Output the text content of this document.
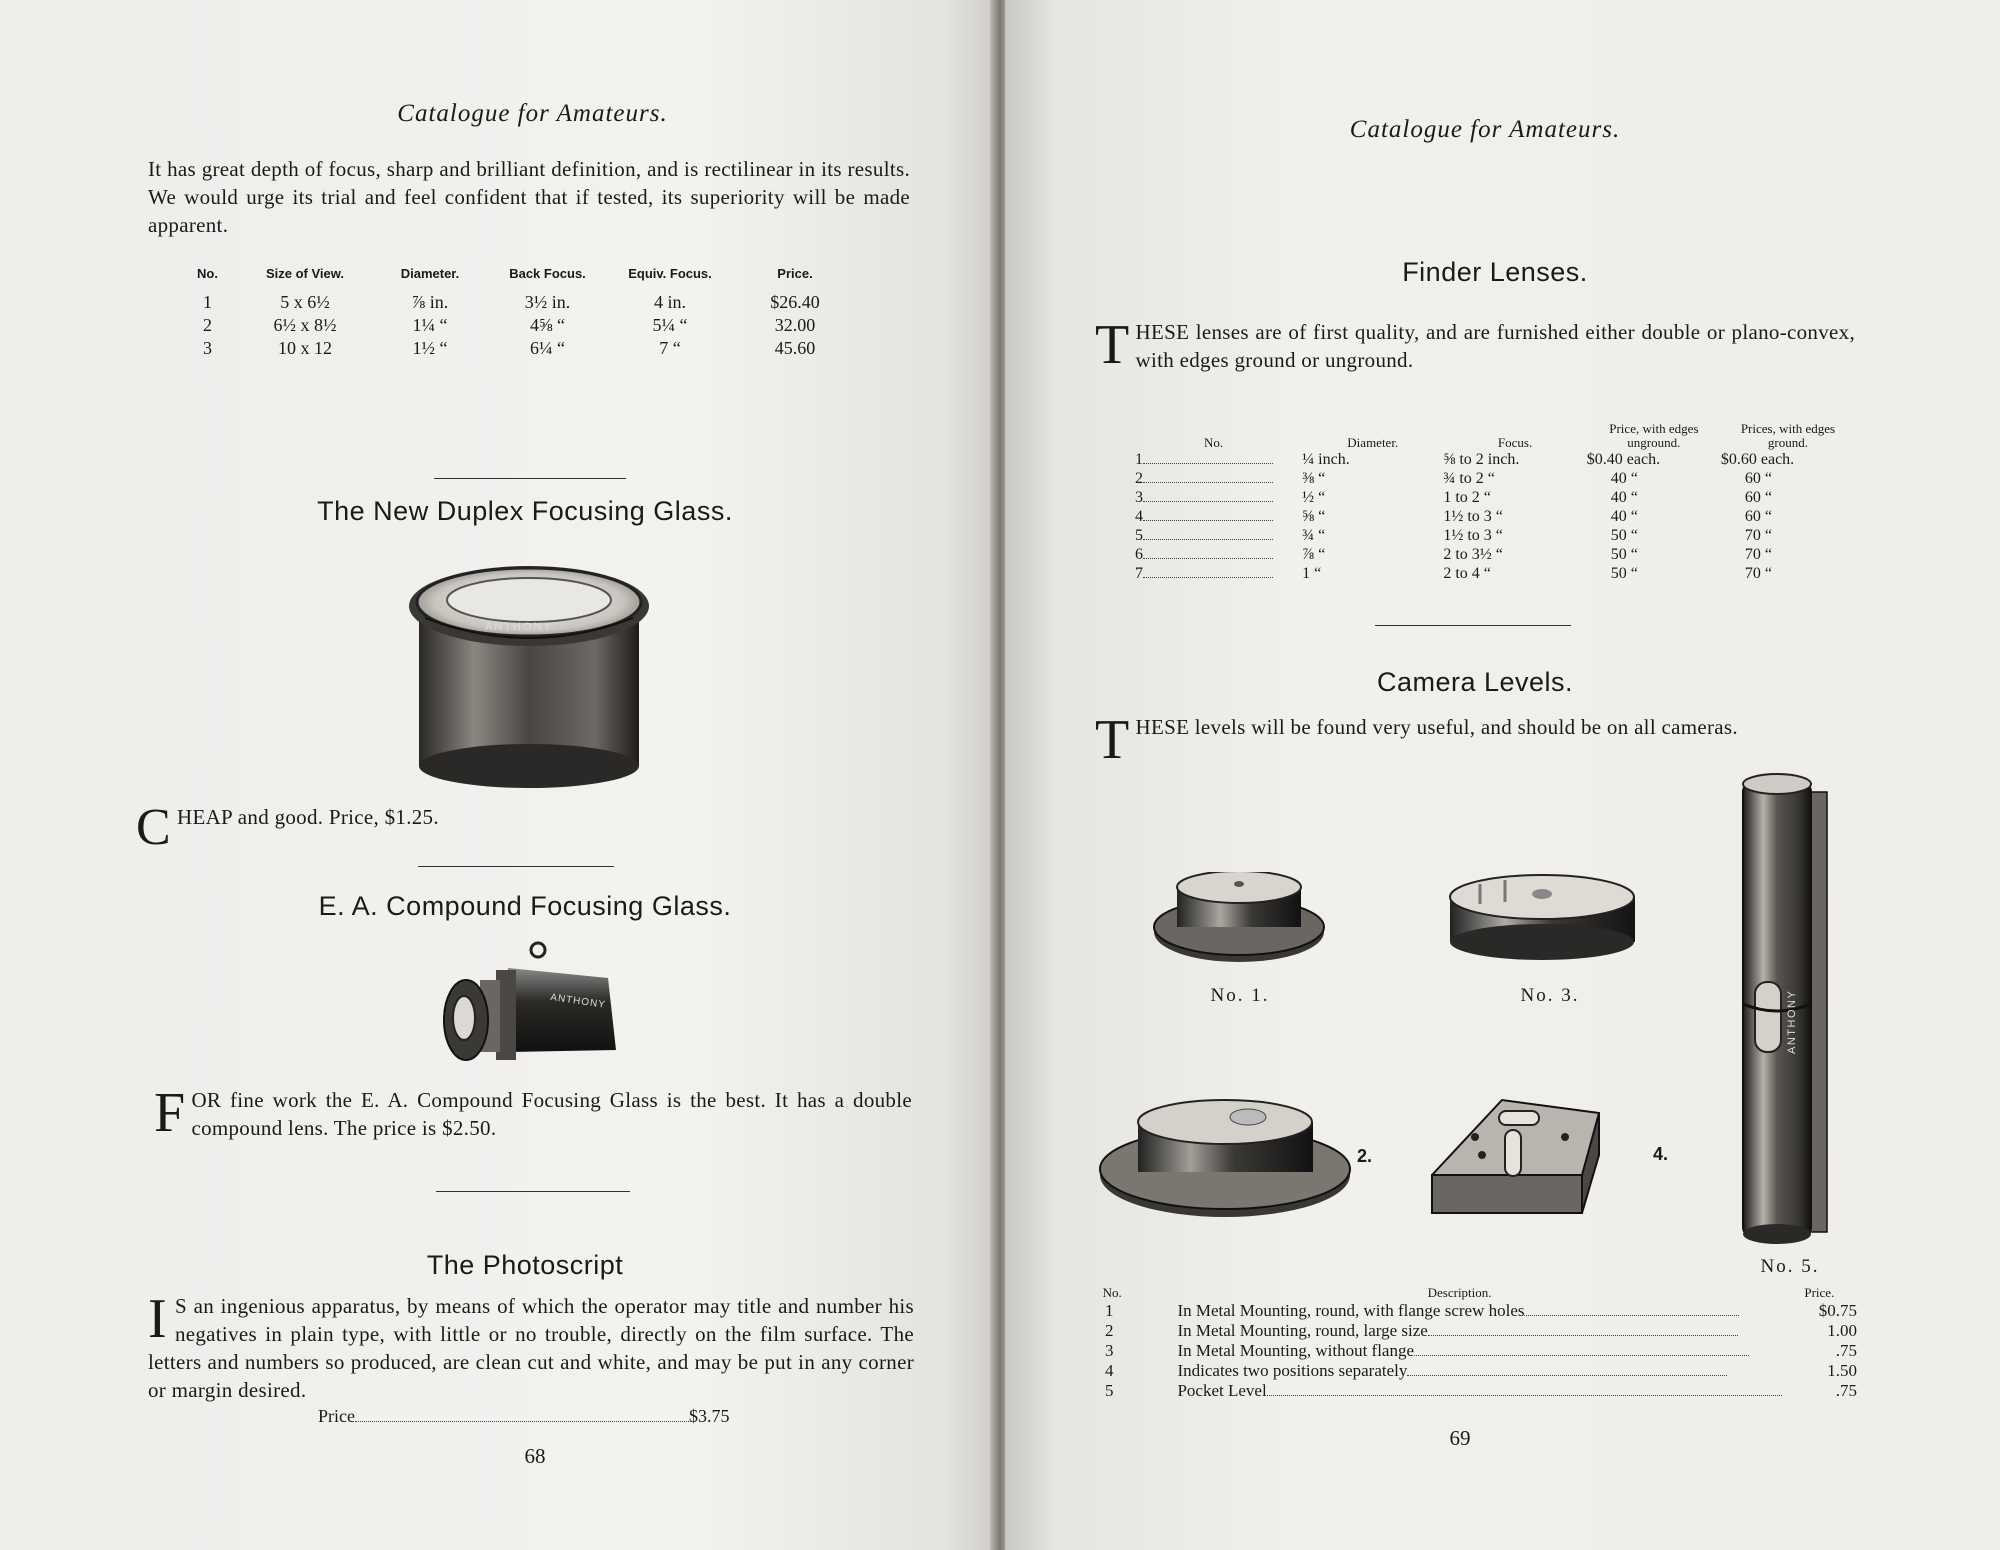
Catalogue for Amateurs.
It has great depth of focus, sharp and brilliant definition, and is rectilinear in its results. We would urge its trial and feel confident that if tested, its superiority will be made apparent.
No.	Size of View.	Diameter.	Back Focus.	Equiv. Focus.	Price.

1	5 x 6½	⅞ in.	3½ in.	4 in.	$26.40
2	6½ x 8½	1¼ “	4⅝ “	5¼ “	32.00
3	10 x 12	1½ “	6¼ “	7 “	45.60
The New Duplex Focusing Glass.
ANTHONY
C HEAP and good. Price, $1.25.
E. A. Compound Focusing Glass.
ANTHONY
F OR fine work the E. A. Compound Focusing Glass is the best. It has a double compound lens. The price is $2.50.
The Photoscript
I S an ingenious apparatus, by means of which the operator may title and number his negatives in plain type, with little or no trouble, directly on the film surface. The letters and numbers so produced, are clean cut and white, and may be put in any corner or margin desired.
Price	$3.75
68
Catalogue for Amateurs.
Finder Lenses.
T HESE lenses are of first quality, and are furnished either double or plano-convex, with edges ground or unground.
No.	Diameter.	Focus.	Price, with edges unground.	Prices, with edges ground.
1	¼ inch.	⅝ to 2 inch.	$0.40 each.	$0.60 each.
2	⅜ “	¾ to 2 “	40 “	60 “
3	½ “	1 to 2 “	40 “	60 “
4	⅝ “	1½ to 3 “	40 “	60 “
5	¾ “	1½ to 3 “	50 “	70 “
6	⅞ “	2 to 3½ “	50 “	70 “
7	1 “	2 to 4 “	50 “	70 “
Camera Levels.
T HESE levels will be found very useful, and should be on all cameras.
No. 1.	No. 3.
2.	4.
ANTHONY
No. 5.
No.	Description.	Price.
1	In Metal Mounting, round, with flange screw holes	$0.75
2	In Metal Mounting, round, large size	1.00
3	In Metal Mounting, without flange	.75
4	Indicates two positions separately	1.50
5	Pocket Level	.75
69
